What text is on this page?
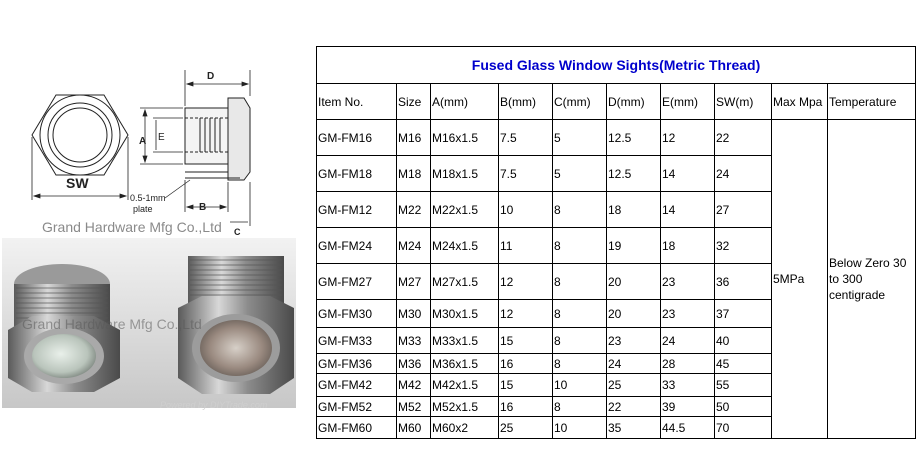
SW
D
A E
B
C
0.5-1mm
plate
Grand Hardware Mfg Co.,Ltd
Grand Hardware Mfg Co.,Ltd
Powered by DIYTrade.com
Fused Glass Window Sights(Metric Thread)									
Item No.	Size	A(mm)	B(mm)	C(mm)	D(mm)	E(mm)	SW(m)	Max Mpa	Temperature
GM-FM16	M16	M16x1.5	7.5	5	12.5	12	22	5MPa	Below Zero 30 to 300 centigrade
GM-FM18	M18	M18x1.5	7.5	5	12.5	14	24		
GM-FM12	M22	M22x1.5	10	8	18	14	27		
GM-FM24	M24	M24x1.5	11	8	19	18	32		
GM-FM27	M27	M27x1.5	12	8	20	23	36		
GM-FM30	M30	M30x1.5	12	8	20	23	37		
GM-FM33	M33	M33x1.5	15	8	23	24	40		
GM-FM36	M36	M36x1.5	16	8	24	28	45		
GM-FM42	M42	M42x1.5	15	10	25	33	55		
GM-FM52	M52	M52x1.5	16	8	22	39	50		
GM-FM60	M60	M60x2	25	10	35	44.5	70		
